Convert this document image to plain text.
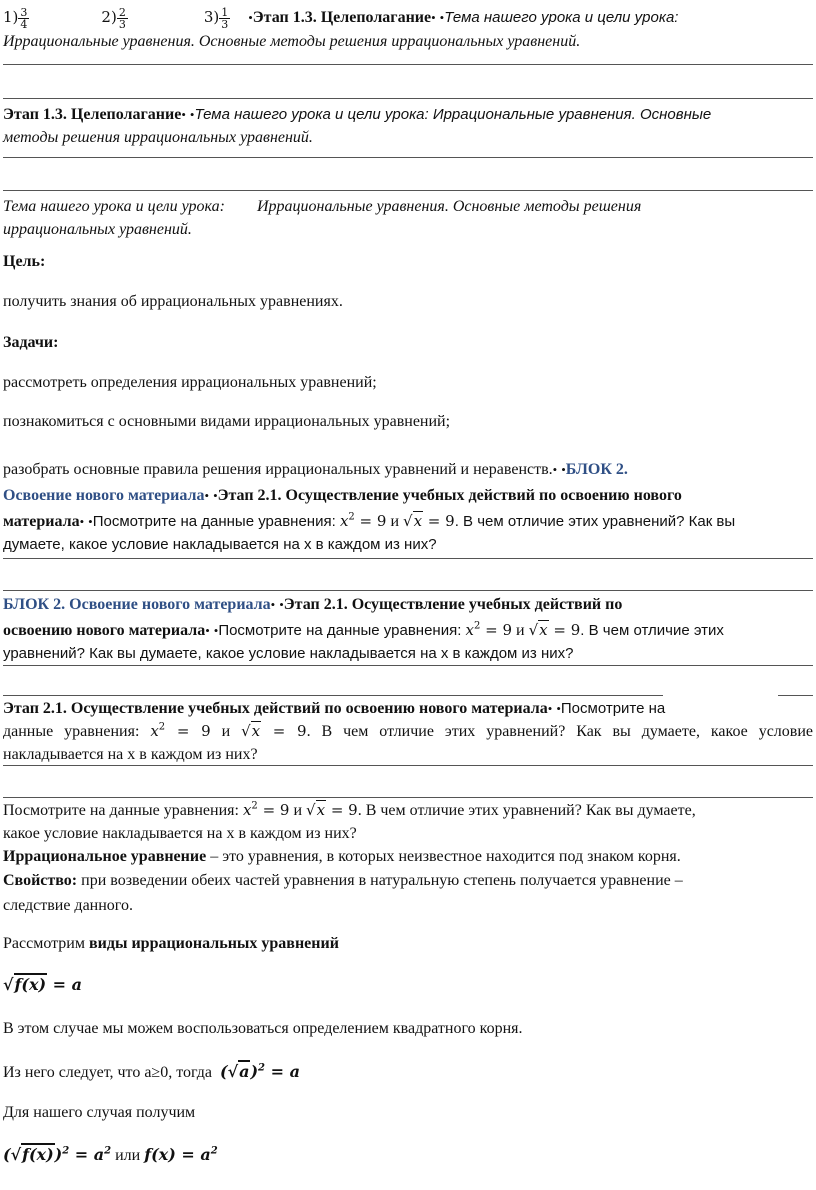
$1) \frac{3}{4}$	$2) \frac{2}{3}$	$3) \frac{1}{3}$ •Этап 1.3. Целеполагание• •Тема нашего урока и цели урока:

Иррациональные уравнения. Основные методы решения иррациональных уравнений.

Этап 1.3. Целеполагание• •Тема нашего урока и цели урока: Иррациональные уравнения. Основные

методы решения иррациональных уравнений.

Тема нашего урока и цели урока: Иррациональные уравнения. Основные методы решения

иррациональных уравнений.

Цель:

получить знания об иррациональных уравнениях.

Задачи:

рассмотреть определения иррациональных уравнений;

познакомиться с основными видами иррациональных уравнений;

разобрать основные правила решения иррациональных уравнений и неравенств.• •БЛОК 2.

Освоение нового материала• •Этап 2.1. Осуществление учебных действий по освоению нового

материала• •Посмотрите на данные уравнения: $x^2 = 9$ и √x = 9. В чем отличие этих уравнений? Как вы

думаете, какое условие накладывается на x в каждом из них?

БЛОК 2. Освоение нового материала• •Этап 2.1. Осуществление учебных действий по

освоению нового материала• •Посмотрите на данные уравнения: $x^2 = 9$ и √x = 9. В чем отличие этих

уравнений? Как вы думаете, какое условие накладывается на x в каждом из них?

Этап 2.1. Осуществление учебных действий по освоению нового материала• •Посмотрите на

данные уравнения: $x^2 = 9$ и √x = 9. В чем отличие этих уравнений? Как вы думаете, какое условие

накладывается на x в каждом из них?

Посмотрите на данные уравнения: $x^2 = 9$ и √x = 9. В чем отличие этих уравнений? Как вы думаете,

какое условие накладывается на x в каждом из них?

Иррациональное уравнение – это уравнения, в которых неизвестное находится под знаком корня.

Свойство: при возведении обеих частей уравнения в натуральную степень получается уравнение –

следствие данного.

Рассмотрим виды иррациональных уравнений

√f(x) = a

В этом случае мы можем воспользоваться определением квадратного корня.

Из него следует, что a≥0, тогда $(√a)^2 = a$

Для нашего случая получим

$(√f(x))^2 = a^2$ или $f(x) = a^2$
